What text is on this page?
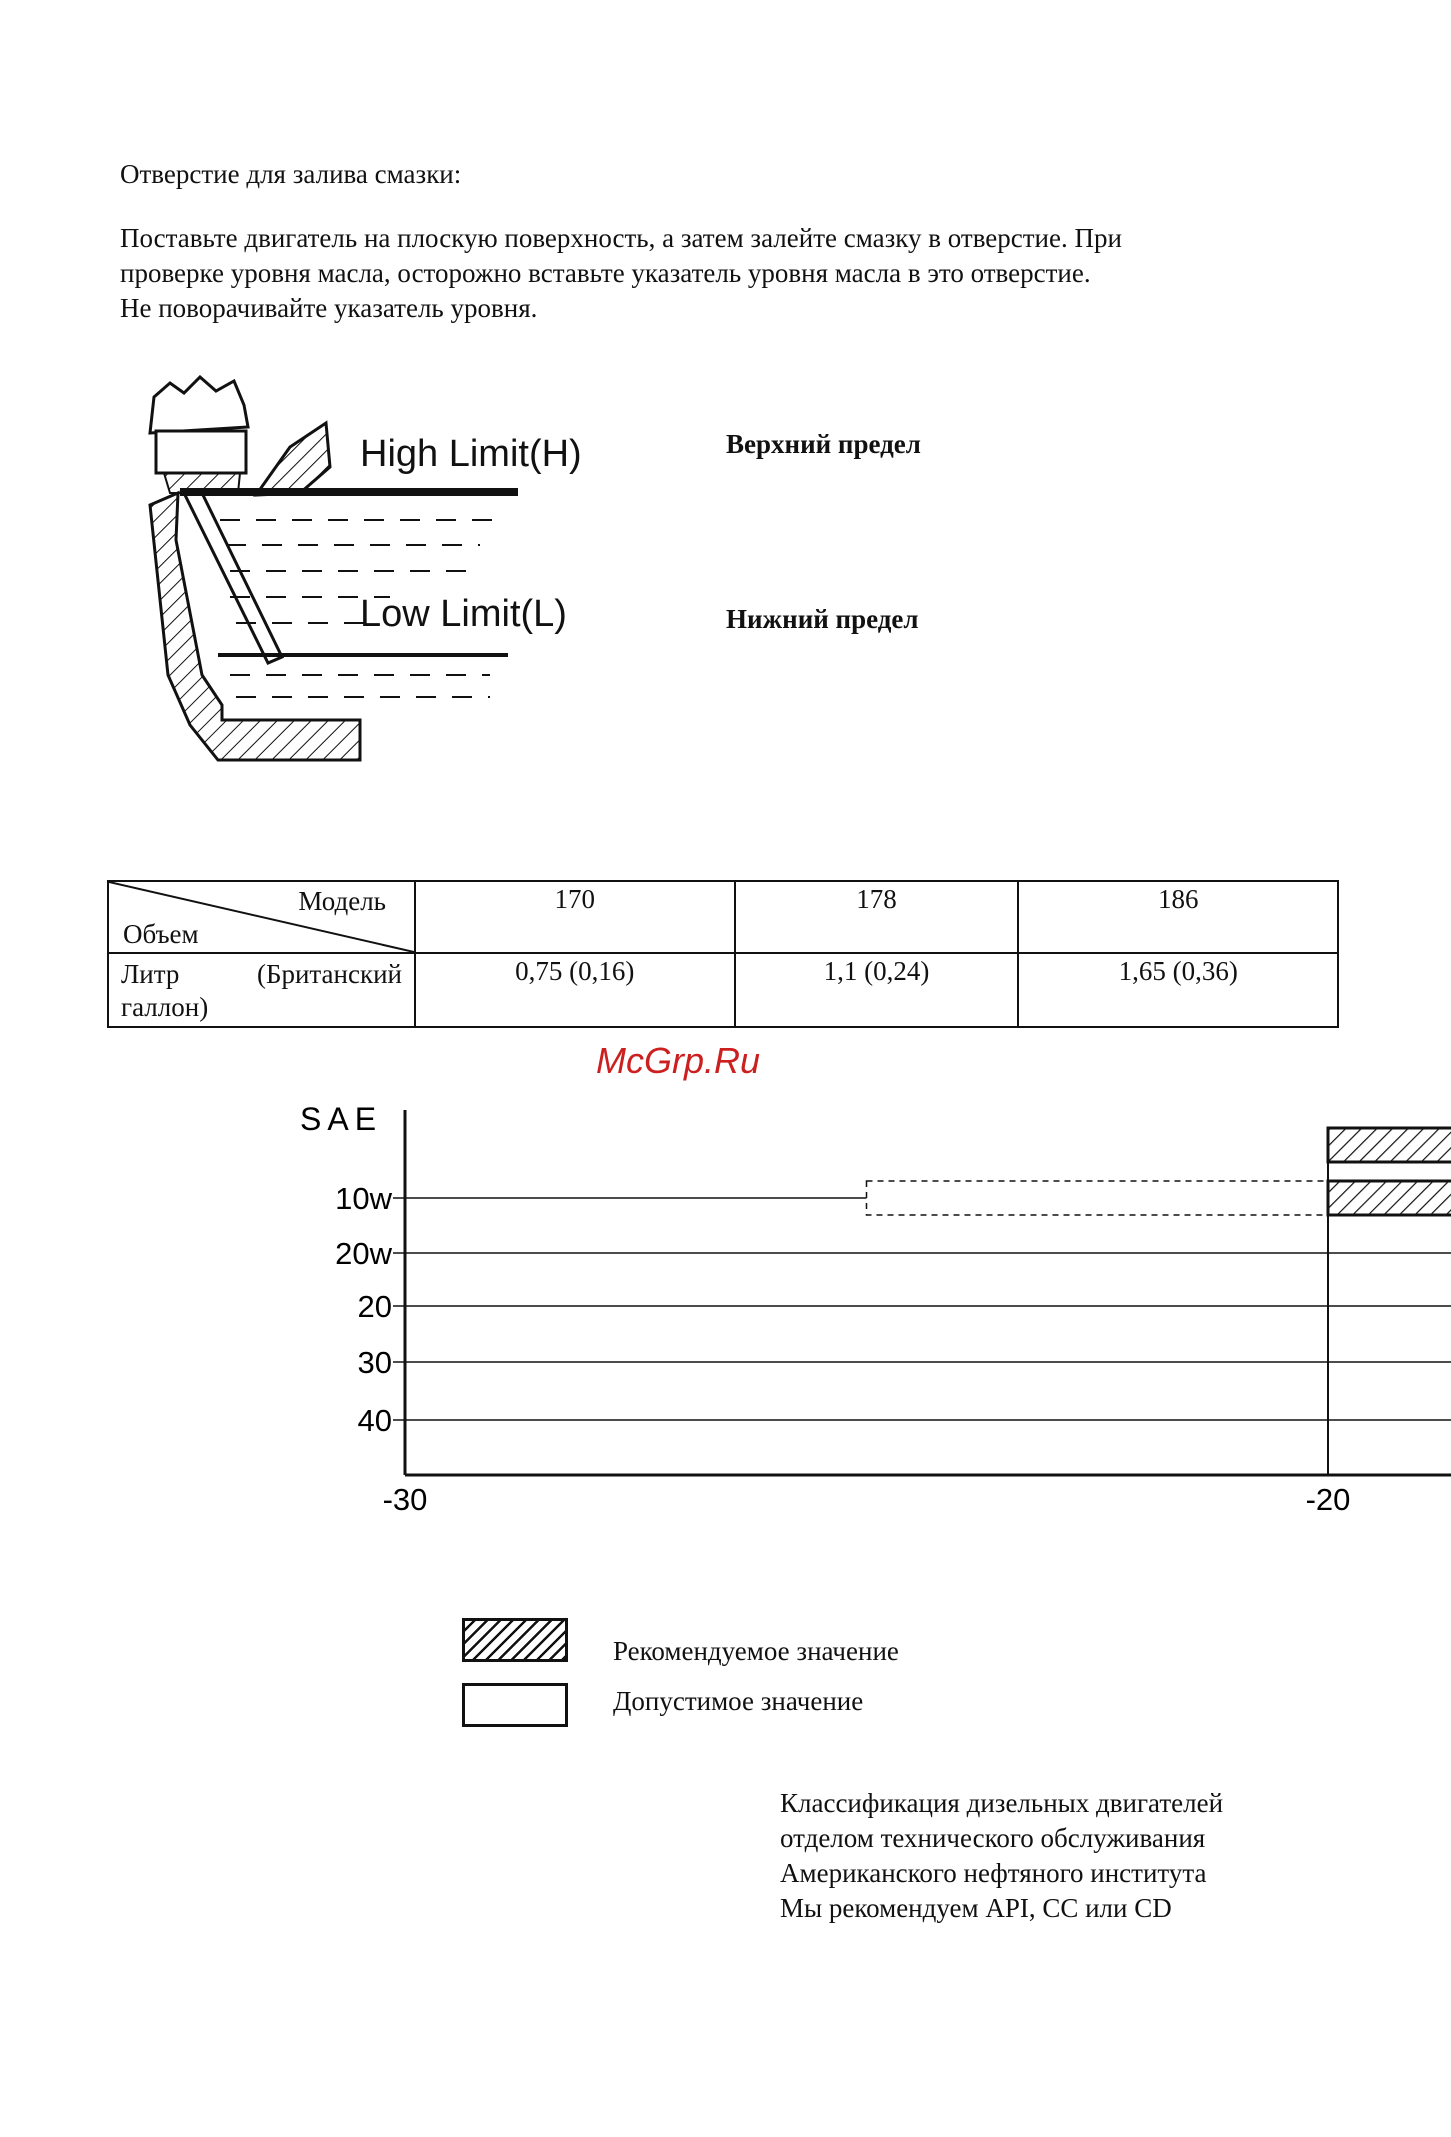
Отверстие для залива смазки:
Поставьте двигатель на плоскую поверхность, а затем залейте смазку в отверстие. При
проверке уровня масла, осторожно вставьте указатель уровня масла в это отверстие.
Не поворачивайте указатель уровня.
High Limit(H)
Low Limit(L)
Верхний предел
Нижний предел
Модель
Объем	170	178	186

Литр (Британский
галлон)	0,75 (0,16)	1,1 (0,24)	1,65 (0,36)
McGrp.Ru
10w
20w
20
30
40
SAE
-30	-20
Рекомендуемое значение
Допустимое значение
Классификация дизельных двигателей
отделом технического обслуживания
Американского нефтяного института
Мы рекомендуем API, CC или CD
